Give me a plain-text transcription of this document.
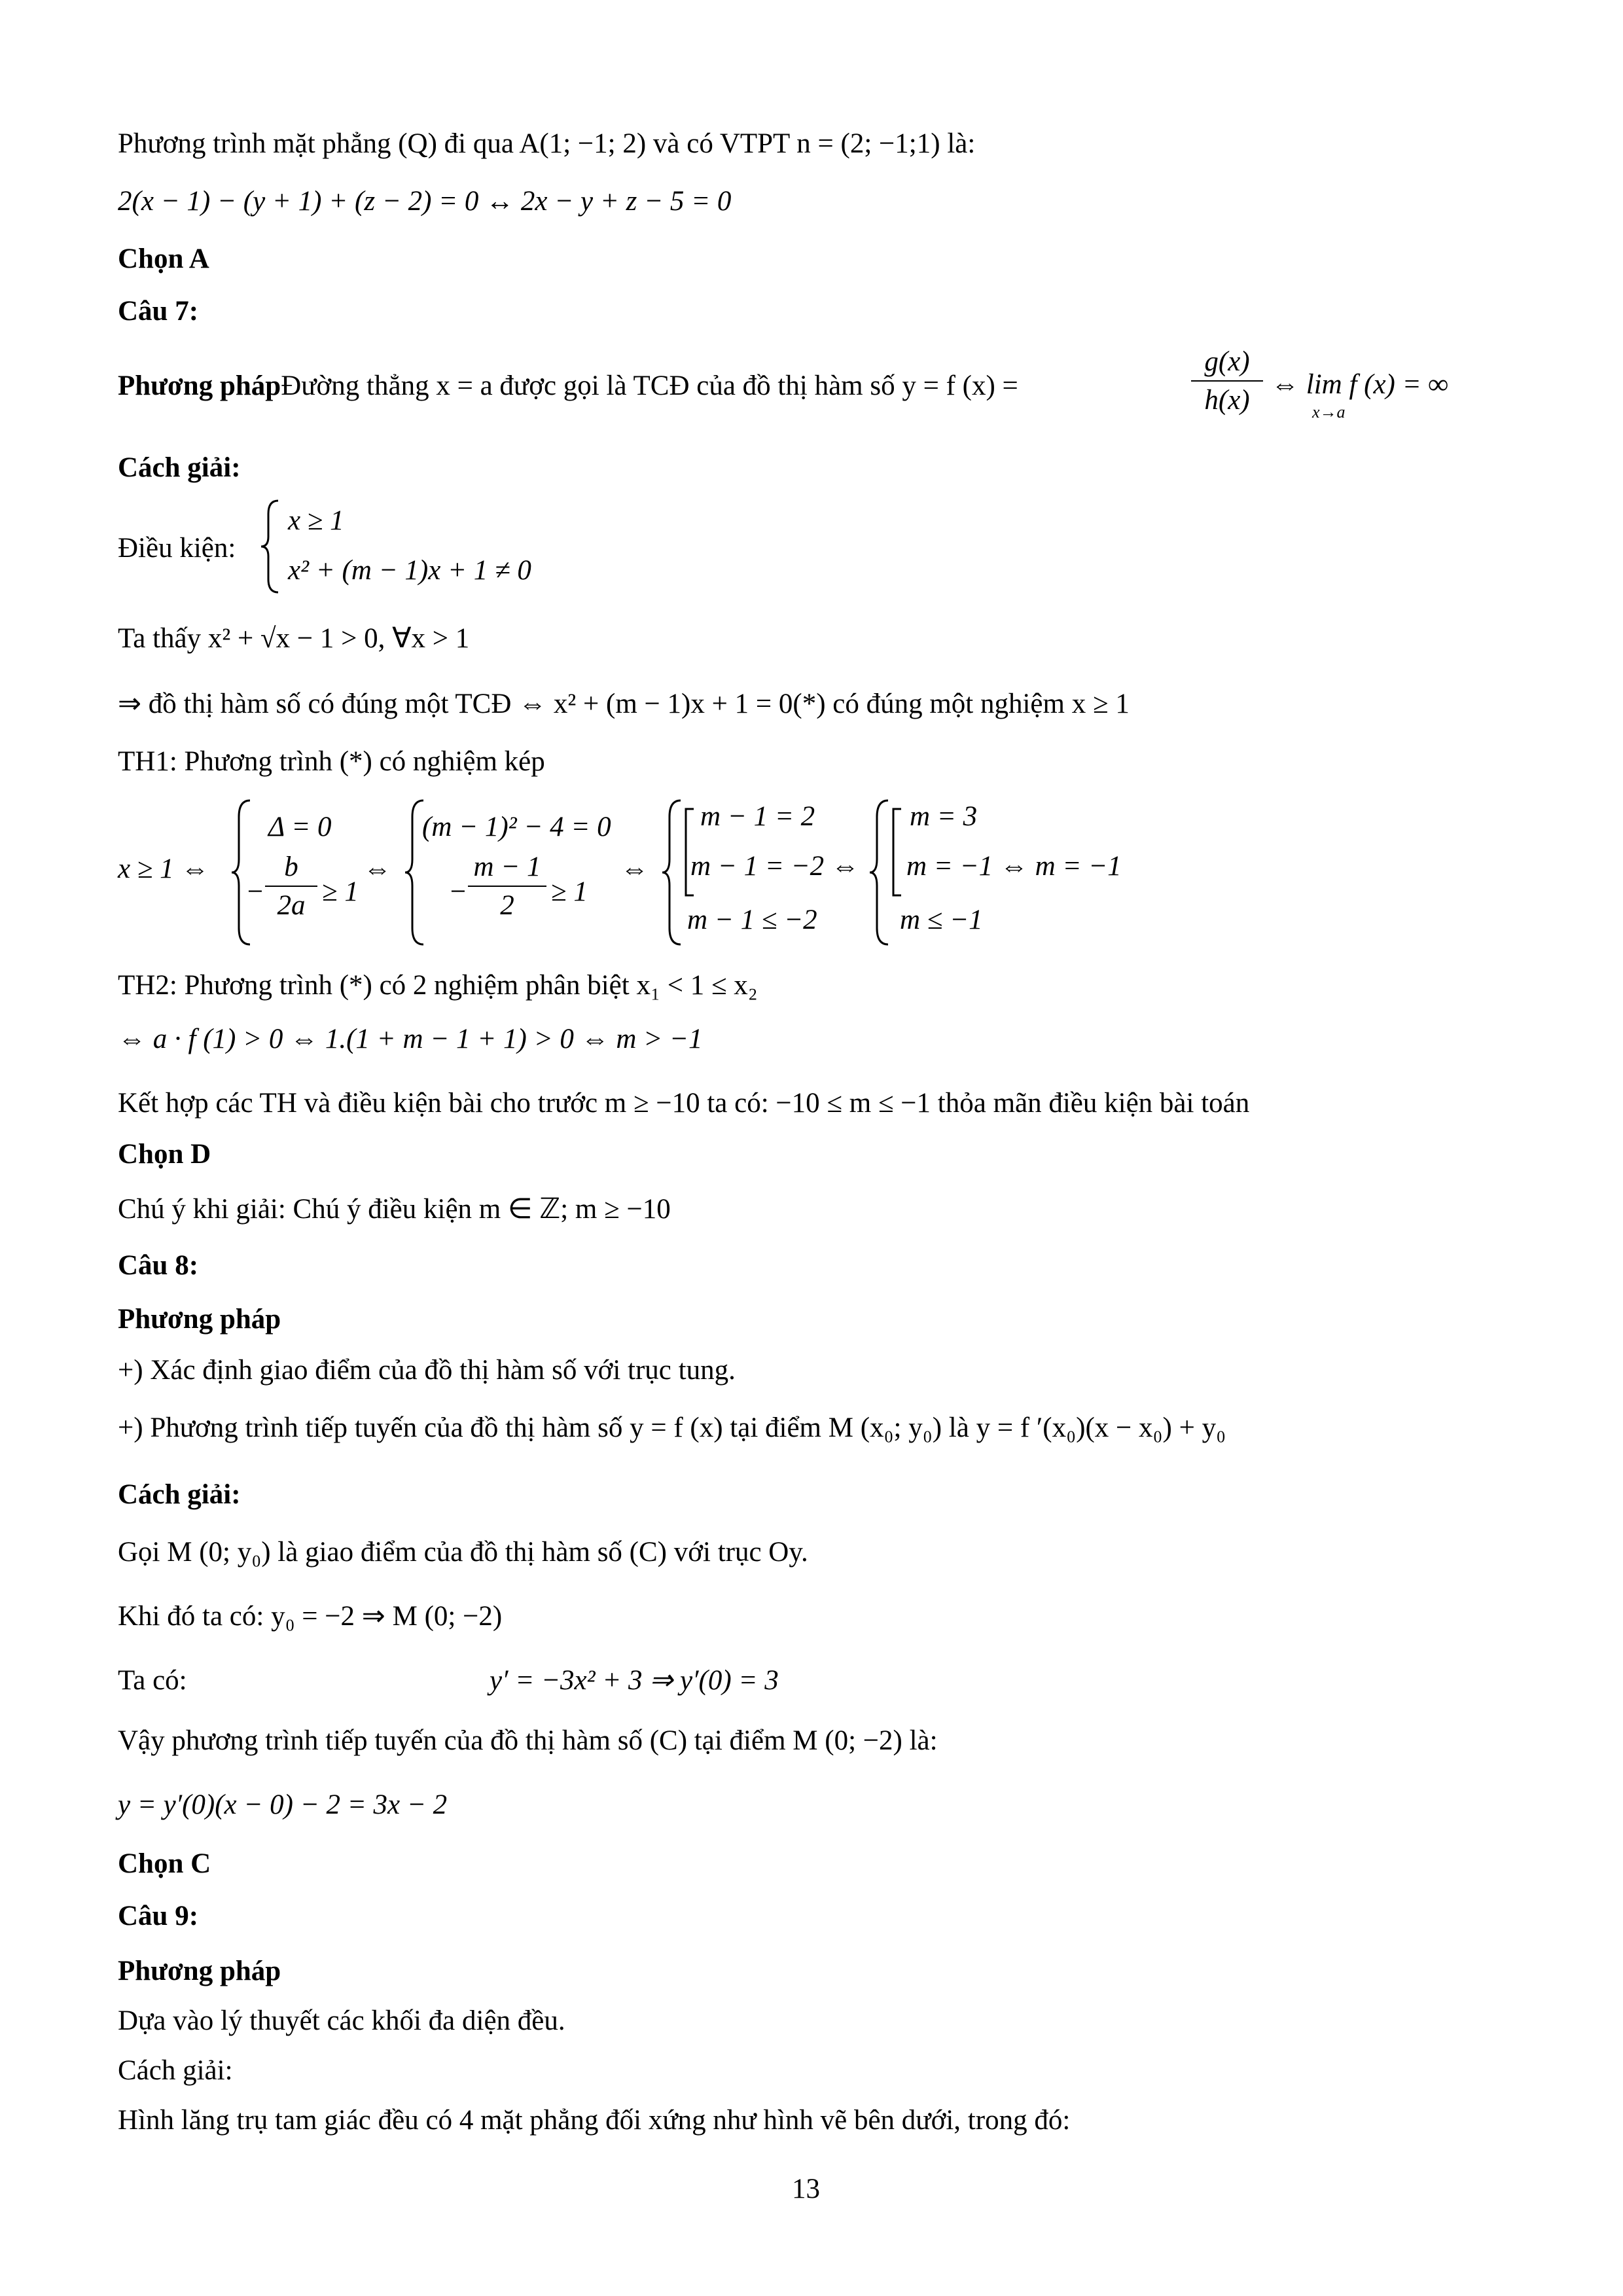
Phương trình mặt phẳng (Q) đi qua A(1; −1; 2) và có VTPT n = (2; −1;1) là:
2(x − 1) − (y + 1) + (z − 2) = 0 ↔ 2x − y + z − 5 = 0
Chọn A
Câu 7:
Phương phápĐường thẳng x = a được gọi là TCĐ của đồ thị hàm số y = f (x) =
g(x)
h(x)
⇔ lim f (x) = ∞
x→a
Cách giải:
Điều kiện:
x ≥ 1
x² + (m − 1)x + 1 ≠ 0
Ta thấy x² + √x − 1 > 0, ∀x > 1
⇒ đồ thị hàm số có đúng một TCĐ ⇔ x² + (m − 1)x + 1 = 0(*) có đúng một nghiệm x ≥ 1
TH1: Phương trình (*) có nghiệm kép
x ≥ 1 ⇔
Δ = 0
−
b
2a ≥ 1
⇔
(m − 1)² − 4 = 0
−
m − 1
2	≥ 1
⇔
m − 1 = 2
m − 1 = −2 ⇔
m − 1 ≤ −2
m = 3
m = −1 ⇔ m = −1
m ≤ −1
TH2: Phương trình (*) có 2 nghiệm phân biệt x₁ < 1 ≤ x₂
⇔ a · f (1) > 0 ⇔ 1.(1 + m − 1 + 1) > 0 ⇔ m > −1
Kết hợp các TH và điều kiện bài cho trước m ≥ −10 ta có: −10 ≤ m ≤ −1 thỏa mãn điều kiện bài toán
Chọn D
Chú ý khi giải: Chú ý điều kiện m ∈ ℤ; m ≥ −10
Câu 8:
Phương pháp
+) Xác định giao điểm của đồ thị hàm số với trục tung.
+) Phương trình tiếp tuyến của đồ thị hàm số y = f (x) tại điểm M (x₀; y₀) là y = f ′(x₀)(x − x₀) + y₀
Cách giải:
Gọi M (0; y₀) là giao điểm của đồ thị hàm số (C) với trục Oy.
Khi đó ta có: y₀ = −2 ⇒ M (0; −2)
Ta có:	y′ = −3x² + 3 ⇒ y′(0) = 3
Vậy phương trình tiếp tuyến của đồ thị hàm số (C) tại điểm M (0; −2) là:
y = y′(0)(x − 0) − 2 = 3x − 2
Chọn C
Câu 9:
Phương pháp
Dựa vào lý thuyết các khối đa diện đều.
Cách giải:
Hình lăng trụ tam giác đều có 4 mặt phẳng đối xứng như hình vẽ bên dưới, trong đó:
13
